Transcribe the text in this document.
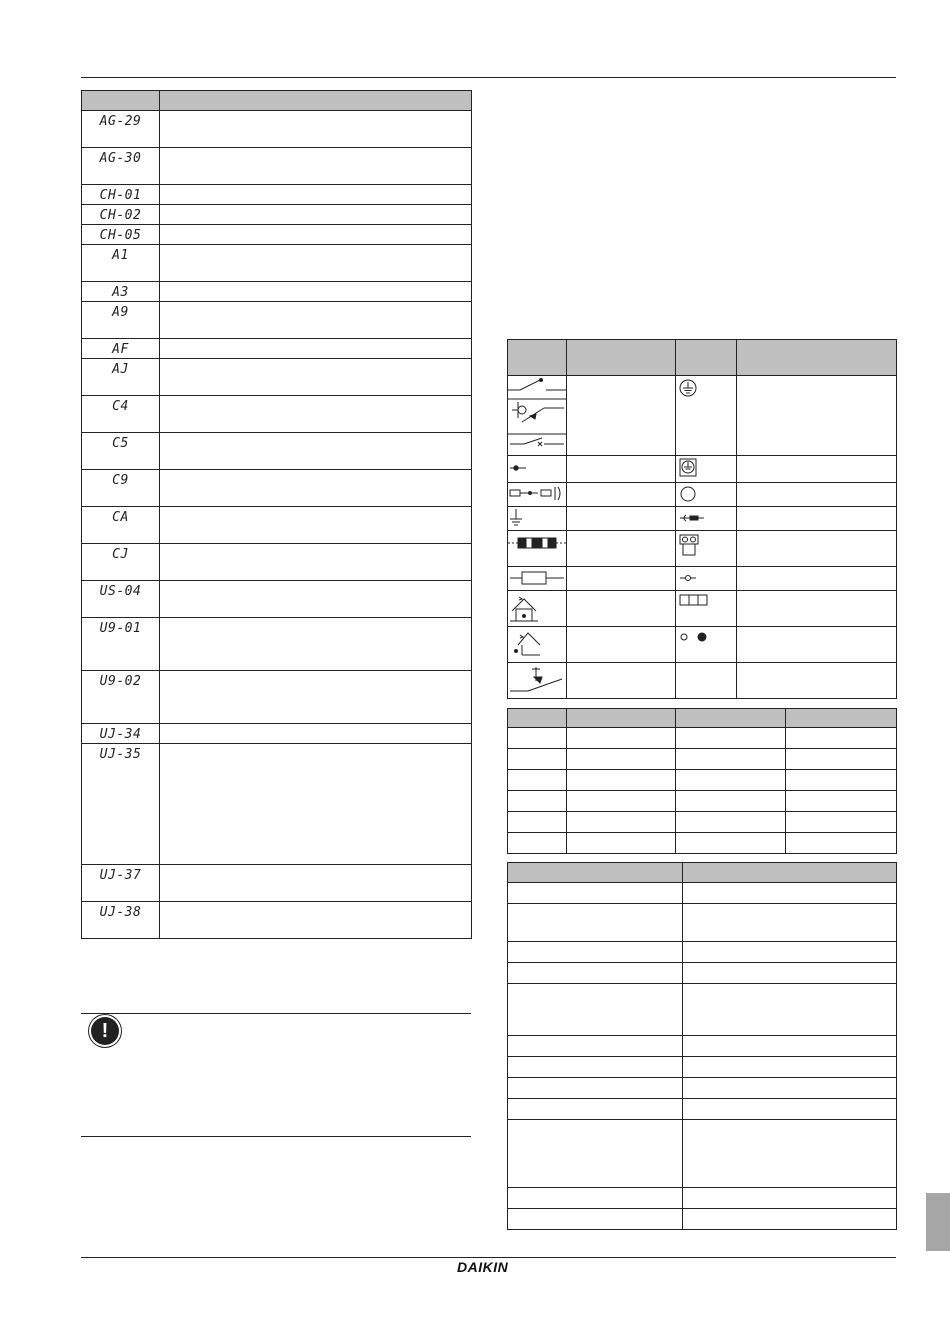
AG-29	
AG-30	
CH-01	
CH-02	
CH-05	
A1	
A3	
A9	
AF	
AJ	
C4	
C5	
C9	
CA	
CJ	
US-04	
U9-01	
U9-02	
UJ-34	
UJ-35	
UJ-37	
UJ-38	
!

DAIKIN
